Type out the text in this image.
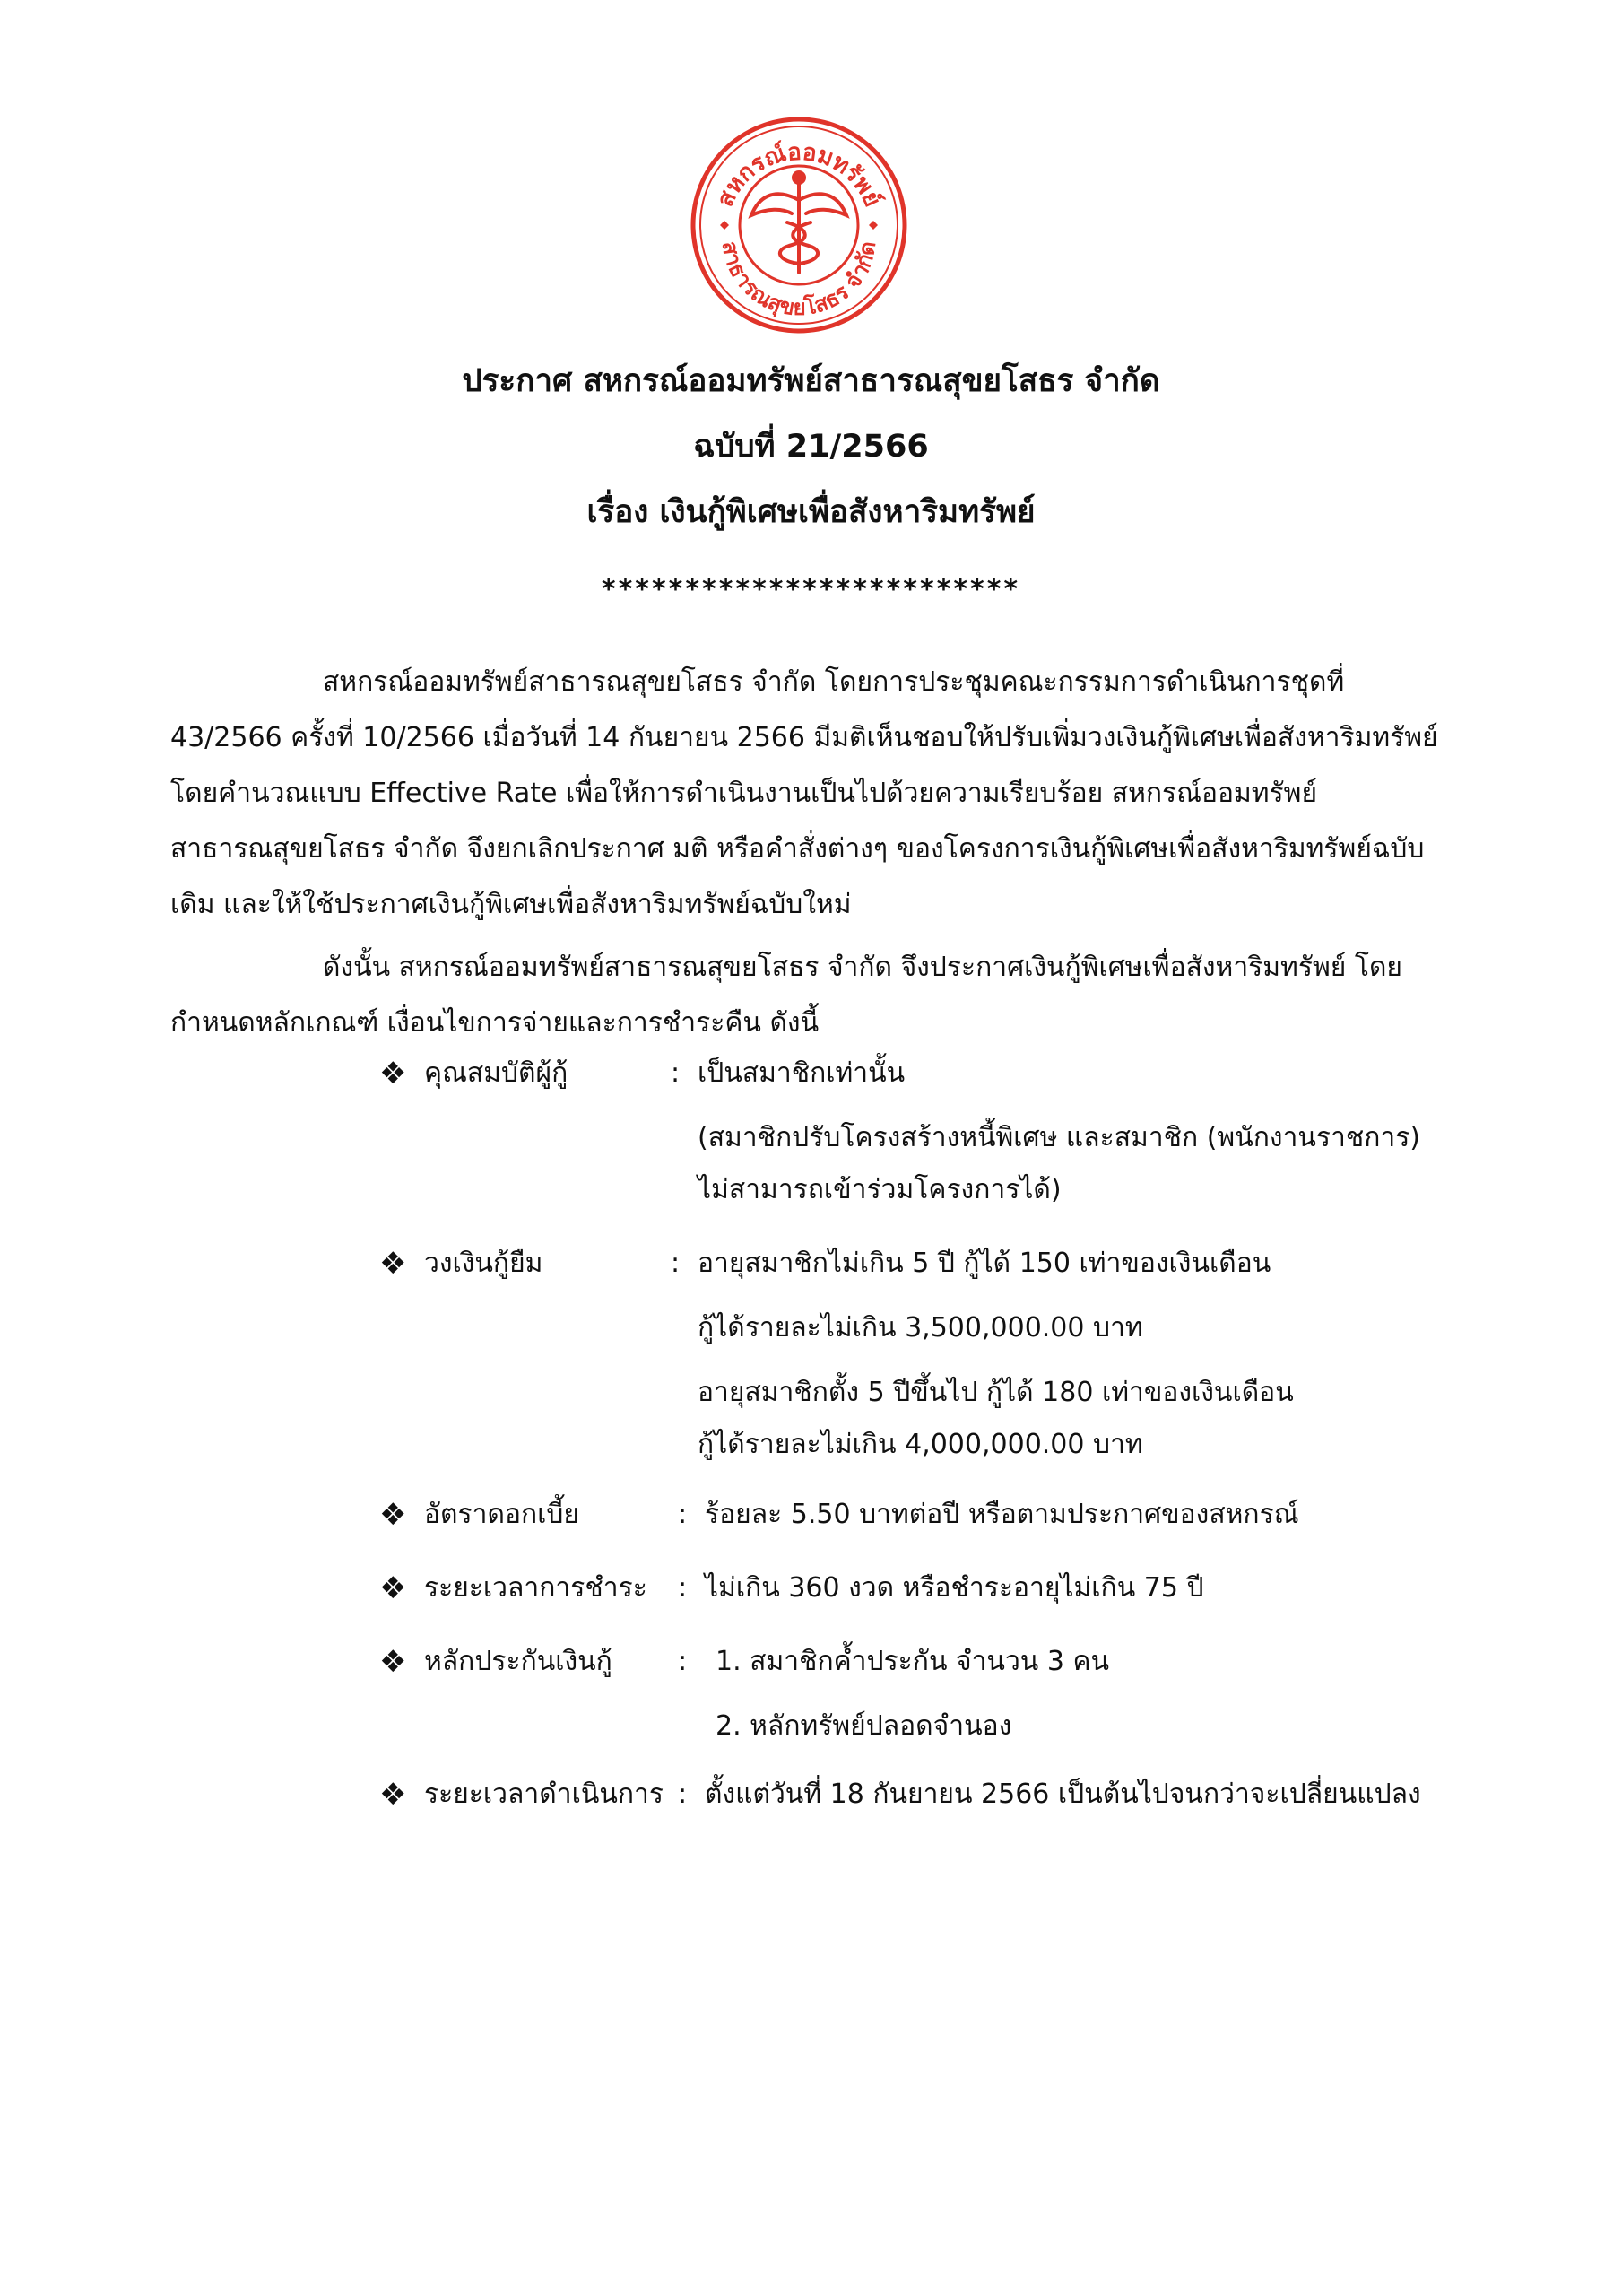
สหกรณ์ออมทรัพย์
สาธารณสุขยโสธร จำกัด
ประกาศ สหกรณ์ออมทรัพย์สาธารณสุขยโสธร จำกัด
ฉบับที่ 21/2566
เรื่อง เงินกู้พิเศษเพื่อสังหาริมทรัพย์
*************************
สหกรณ์ออมทรัพย์สาธารณสุขยโสธร จำกัด โดยการประชุมคณะกรรมการดำเนินการชุดที่ 43/2566 ครั้งที่ 10/2566 เมื่อวันที่ 14 กันยายน 2566 มีมติเห็นชอบให้ปรับเพิ่มวงเงินกู้พิเศษเพื่อสังหาริมทรัพย์ โดยคำนวณแบบ Effective Rate เพื่อให้การดำเนินงานเป็นไปด้วยความเรียบร้อย สหกรณ์ออมทรัพย์สาธารณสุขยโสธร จำกัด จึงยกเลิกประกาศ มติ หรือคำสั่งต่างๆ ของโครงการเงินกู้พิเศษเพื่อสังหาริมทรัพย์ฉบับเดิม และให้ใช้ประกาศเงินกู้พิเศษเพื่อสังหาริมทรัพย์ฉบับใหม่
ดังนั้น สหกรณ์ออมทรัพย์สาธารณสุขยโสธร จำกัด จึงประกาศเงินกู้พิเศษเพื่อสังหาริมทรัพย์ โดยกำหนดหลักเกณฑ์ เงื่อนไขการจ่ายและการชำระคืน ดังนี้
❖ คุณสมบัติผู้กู้	: เป็นสมาชิกเท่านั้น
(สมาชิกปรับโครงสร้างหนี้พิเศษ และสมาชิก (พนักงานราชการ)
ไม่สามารถเข้าร่วมโครงการได้)
❖ วงเงินกู้ยืม	: อายุสมาชิกไม่เกิน 5 ปี กู้ได้ 150 เท่าของเงินเดือน
กู้ได้รายละไม่เกิน 3,500,000.00 บาท
อายุสมาชิกตั้ง 5 ปีขึ้นไป กู้ได้ 180 เท่าของเงินเดือน
กู้ได้รายละไม่เกิน 4,000,000.00 บาท
❖ อัตราดอกเบี้ย	: ร้อยละ 5.50 บาทต่อปี หรือตามประกาศของสหกรณ์
❖ ระยะเวลาการชำระ : ไม่เกิน 360 งวด หรือชำระอายุไม่เกิน 75 ปี
❖ หลักประกันเงินกู้ : 1. สมาชิกค้ำประกัน จำนวน 3 คน
2. หลักทรัพย์ปลอดจำนอง
❖ ระยะเวลาดำเนินการ : ตั้งแต่วันที่ 18 กันยายน 2566 เป็นต้นไปจนกว่าจะเปลี่ยนแปลง
